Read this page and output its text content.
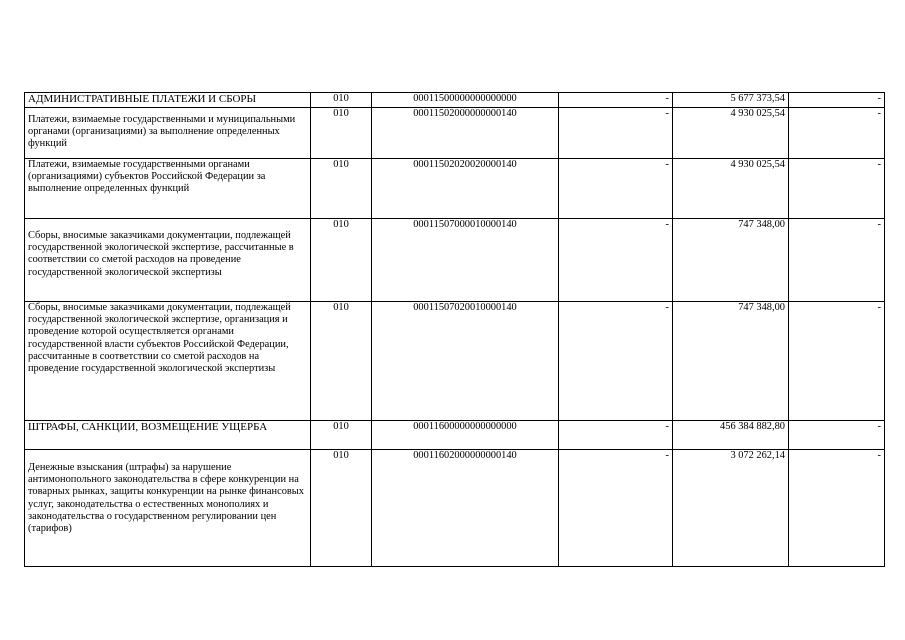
АДМИНИСТРАТИВНЫЕ ПЛАТЕЖИ И СБОРЫ	010	00011500000000000000	-	5 677 373,54	-
Платежи, взимаемые государственными и муниципальными органами (организациями) за выполнение определенных функций	010	00011502000000000140	-	4 930 025,54	-
Платежи, взимаемые государственными органами (организациями) субъектов Российской Федерации за выполнение определенных функций	010	00011502020020000140	-	4 930 025,54	-
Сборы, вносимые заказчиками документации, подлежащей государственной экологической экспертизе, рассчитанные в соответствии со сметой расходов на проведение государственной экологической экспертизы	010	00011507000010000140	-	747 348,00	-
Сборы, вносимые заказчиками документации, подлежащей государственной экологической экспертизе, организация и проведение которой осуществляется органами государственной власти субъектов Российской Федерации, рассчитанные в соответствии со сметой расходов на проведение государственной экологической экспертизы	010	00011507020010000140	-	747 348,00	-
ШТРАФЫ, САНКЦИИ, ВОЗМЕЩЕНИЕ УЩЕРБА	010	00011600000000000000	-	456 384 882,80	-
Денежные взыскания (штрафы) за нарушение антимонопольного законодательства в сфере конкуренции на товарных рынках, защиты конкуренции на рынке финансовых услуг, законодательства о естественных монополиях и законодательства о государственном регулировании цен (тарифов)	010	00011602000000000140	-	3 072 262,14	-
